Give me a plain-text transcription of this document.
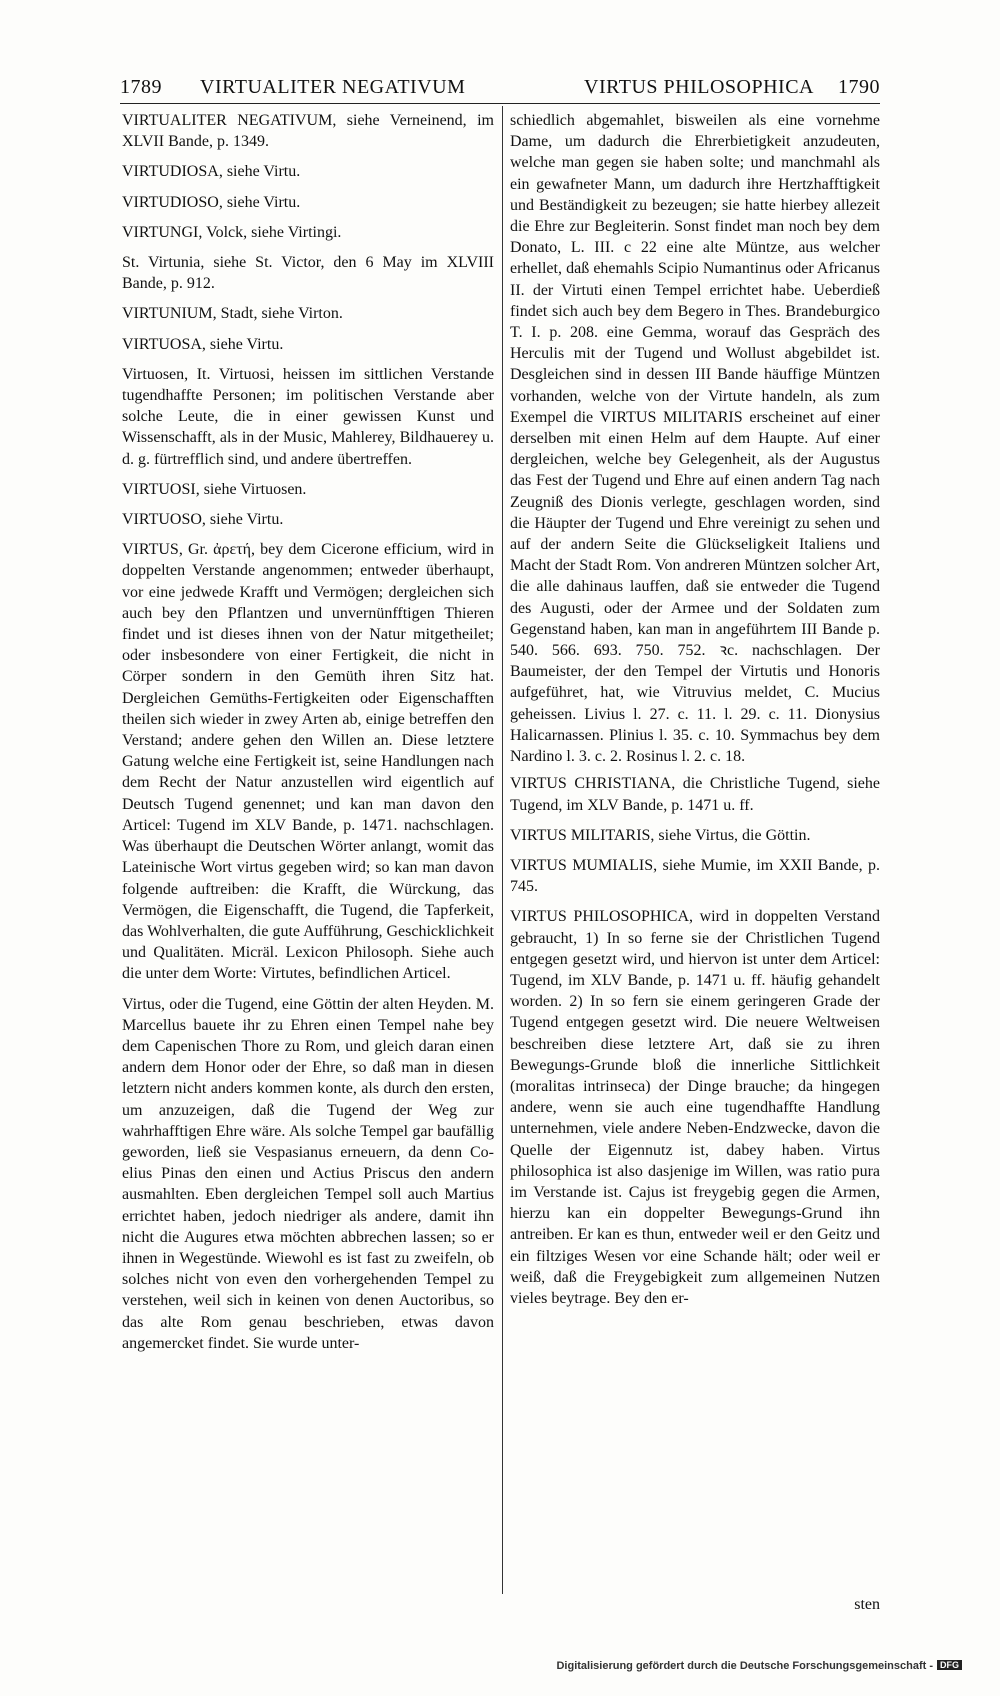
1789 VIRTUALITER NEGATIVUM	VIRTUS PHILOSOPHICA 1790

VIRTUALITER NEGATIVUM, siehe Verneinend, im XLVII Bande, p. 1349.

VIRTUDIOSA, siehe Virtu.

VIRTUDIOSO, siehe Virtu.

VIRTUNGI, Volck, siehe Virtingi.

St. Virtunia, siehe St. Victor, den 6 May im XLVIII Bande, p. 912.

VIRTUNIUM, Stadt, siehe Virton.

VIRTUOSA, siehe Virtu.

Virtuosen, It. Virtuosi, heissen im sittlichen Verstande tugendhaffte Personen; im politischen Verstande aber solche Leute, die in einer gewissen Kunst und Wissenschafft, als in der Music, Mahlerey, Bildhauerey u. d. g. fürtrefflich sind, und andere übertreffen.

VIRTUOSI, siehe Virtuosen.

VIRTUOSO, siehe Virtu.

VIRTUS, Gr. ἀρετή, bey dem Cicerone efficium, wird in doppelten Verstande angenommen; entweder überhaupt, vor eine jedwede Krafft und Vermögen; dergleichen sich auch bey den Pflantzen und unvernünfftigen Thieren findet und ist dieses ihnen von der Natur mitgetheilet; oder insbesondere von einer Fertigkeit, die nicht in Cörper sondern in den Gemüth ihren Sitz hat. Dergleichen Gemüths-Fertigkeiten oder Eigenschafften theilen sich wieder in zwey Arten ab, einige betreffen den Verstand; andere gehen den Willen an. Diese letztere Gatung welche eine Fertigkeit ist, seine Handlungen nach dem Recht der Natur anzustellen wird eigentlich auf Deutsch Tugend genennet; und kan man davon den Articel: Tugend im XLV Bande, p. 1471. nachschlagen. Was überhaupt die Deutschen Wörter anlangt, womit das Lateinische Wort virtus gegeben wird; so kan man davon folgende auftreiben: die Krafft, die Würckung, das Vermögen, die Eigenschafft, die Tugend, die Tapferkeit, das Wohlverhalten, die gute Aufführung, Geschicklichkeit und Qualitäten. Micräl. Lexicon Philosoph. Siehe auch die unter dem Worte: Virtutes, befindlichen Articel.

Virtus, oder die Tugend, eine Göttin der alten Heyden. M. Marcellus bauete ihr zu Ehren einen Tempel nahe bey dem Capenischen Thore zu Rom, und gleich daran einen andern dem Honor oder der Ehre, so daß man in diesen letztern nicht anders kommen konte, als durch den ersten, um anzuzeigen, daß die Tugend der Weg zur wahrhafftigen Ehre wäre. Als solche Tempel gar baufällig geworden, ließ sie Vespasianus erneuern, da denn Co- elius Pinas den einen und Actius Priscus den andern ausmahlten. Eben dergleichen Tempel soll auch Martius errichtet haben, jedoch niedriger als andere, damit ihn nicht die Augures etwa möchten abbrechen lassen; so er ihnen in Wegestünde. Wiewohl es ist fast zu zweifeln, ob solches nicht von even den vorhergehenden Tempel zu verstehen, weil sich in keinen von denen Auctoribus, so das alte Rom genau beschrieben, etwas davon angemercket findet. Sie wurde unter-

schiedlich abgemahlet, bisweilen als eine vornehme Dame, um dadurch die Ehrerbietigkeit anzudeuten, welche man gegen sie haben solte; und manchmahl als ein gewafneter Mann, um dadurch ihre Hertzhafftigkeit und Beständigkeit zu bezeugen; sie hatte hierbey allezeit die Ehre zur Begleiterin. Sonst findet man noch bey dem Donato, L. III. c 22 eine alte Müntze, aus welcher erhellet, daß ehemahls Scipio Numantinus oder Africanus II. der Virtuti einen Tempel errichtet habe. Ueberdieß findet sich auch bey dem Begero in Thes. Brandeburgico T. I. p. 208. eine Gemma, worauf das Gespräch des Herculis mit der Tugend und Wollust abgebildet ist. Desgleichen sind in dessen III Bande häuffige Müntzen vorhanden, welche von der Virtute handeln, als zum Exempel die VIRTUS MILITARIS erscheinet auf einer derselben mit einen Helm auf dem Haupte. Auf einer dergleichen, welche bey Gelegenheit, als der Augustus das Fest der Tugend und Ehre auf einen andern Tag nach Zeugniß des Dionis verlegte, geschlagen worden, sind die Häupter der Tugend und Ehre vereinigt zu sehen und auf der andern Seite die Glückseligkeit Italiens und Macht der Stadt Rom. Von andreren Müntzen solcher Art, die alle dahinaus lauffen, daß sie entweder die Tugend des Augusti, oder der Armee und der Soldaten zum Gegenstand haben, kan man in angeführtem III Bande p. 540. 566. 693. 750. 752. ꝛc. nachschlagen. Der Baumeister, der den Tempel der Virtutis und Honoris aufgeführet, hat, wie Vitruvius meldet, C. Mucius geheissen. Livius l. 27. c. 11. l. 29. c. 11. Dionysius Halicarnassen. Plinius l. 35. c. 10. Symmachus bey dem Nardino l. 3. c. 2. Rosinus l. 2. c. 18.

VIRTUS CHRISTIANA, die Christliche Tugend, siehe Tugend, im XLV Bande, p. 1471 u. ff.

VIRTUS MILITARIS, siehe Virtus, die Göttin.

VIRTUS MUMIALIS, siehe Mumie, im XXII Bande, p. 745.

VIRTUS PHILOSOPHICA, wird in doppelten Verstand gebraucht, 1) In so ferne sie der Christlichen Tugend entgegen gesetzt wird, und hiervon ist unter dem Articel: Tugend, im XLV Bande, p. 1471 u. ff. häufig gehandelt worden. 2) In so fern sie einem geringeren Grade der Tugend entgegen gesetzt wird. Die neuere Weltweisen beschreiben diese letztere Art, daß sie zu ihren Bewegungs-Grunde bloß die innerliche Sittlichkeit (moralitas intrinseca) der Dinge brauche; da hingegen andere, wenn sie auch eine tugendhaffte Handlung unternehmen, viele andere Neben-Endzwecke, davon die Quelle der Eigennutz ist, dabey haben. Virtus philosophica ist also dasjenige im Willen, was ratio pura im Verstande ist. Cajus ist freygebig gegen die Armen, hierzu kan ein doppelter Bewegungs-Grund ihn antreiben. Er kan es thun, entweder weil er den Geitz und ein filtziges Wesen vor eine Schande hält; oder weil er weiß, daß die Freygebigkeit zum allgemeinen Nutzen vieles beytrage. Bey den er-

sten
Digitalisierung gefördert durch die Deutsche Forschungsgemeinschaft - DFG
